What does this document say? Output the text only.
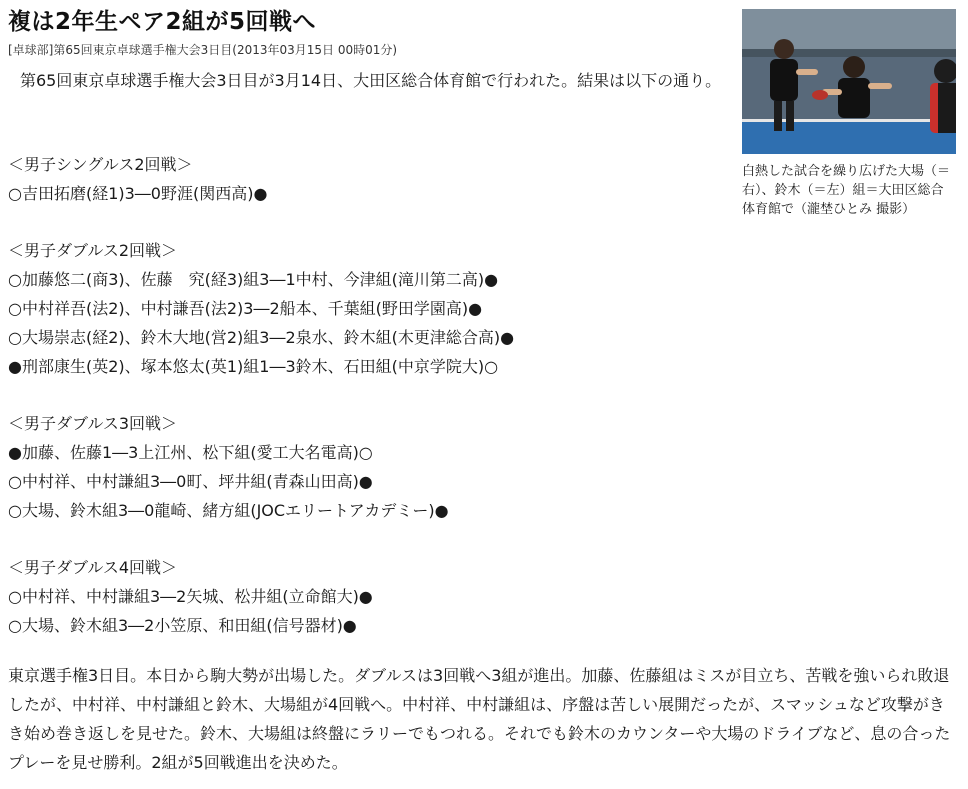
複は2年生ペア2組が5回戦へ
[卓球部]第65回東京卓球選手権大会3日目(2013年03月15日 00時01分)
第65回東京卓球選手権大会3日目が3月14日、大田区総合体育館で行われた。結果は以下の通り。
＜男子シングルス2回戦＞
○吉田拓磨(経1)3―0野涯(関西高)●
＜男子ダブルス2回戦＞
○加藤悠二(商3)、佐藤　究(経3)組3―1中村、今津組(滝川第二高)●
○中村祥吾(法2)、中村謙吾(法2)3―2船本、千葉組(野田学園高)●
○大場崇志(経2)、鈴木大地(営2)組3―2泉水、鈴木組(木更津総合高)●
●刑部康生(英2)、塚本悠太(英1)組1―3鈴木、石田組(中京学院大)○
＜男子ダブルス3回戦＞
●加藤、佐藤1―3上江州、松下組(愛工大名電高)○
○中村祥、中村謙組3―0町、坪井組(青森山田高)●
○大場、鈴木組3―0龍崎、緒方組(JOCエリートアカデミー)●
＜男子ダブルス4回戦＞
○中村祥、中村謙組3―2矢城、松井組(立命館大)●
○大場、鈴木組3―2小笠原、和田組(信号器材)●

東京選手権3日目。本日から駒大勢が出場した。ダブルスは3回戦へ3組が進出。加藤、佐藤組はミスが目立ち、苦戦を強いられ敗退したが、中村祥、中村謙組と鈴木、大場組が4回戦へ。中村祥、中村謙組は、序盤は苦しい展開だったが、スマッシュなど攻撃がきき始め巻き返しを見せた。鈴木、大場組は終盤にラリーでもつれる。それでも鈴木のカウンターや大場のドライブなど、息の合ったプレーを見せ勝利。2組が5回戦進出を決めた。

白熱した試合を繰り広げた大場（＝右）、鈴木（＝左）組＝大田区総合体育館で（瀧埜ひとみ 撮影）
